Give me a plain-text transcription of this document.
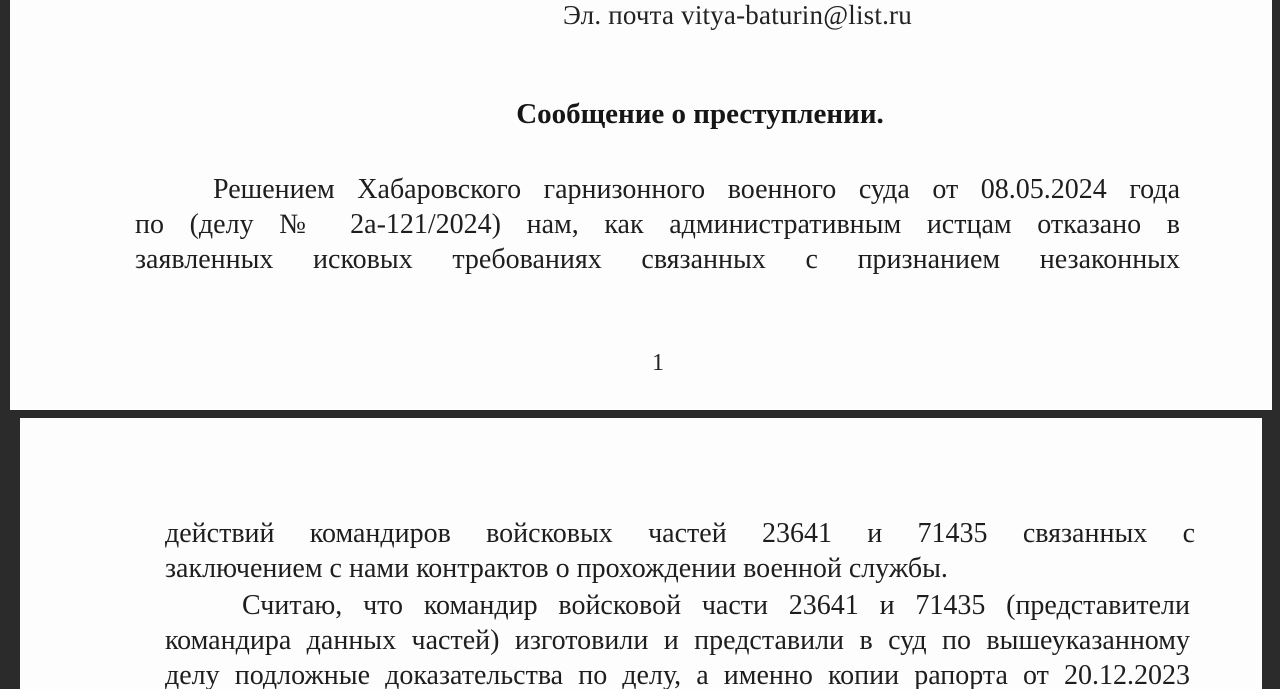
Эл. почта vitya-baturin@list.ru
Сообщение о преступлении.
Решением Хабаровского гарнизонного военного суда от 08.05.2024 года
по (делу № 2а-121/2024) нам, как административным истцам отказано в
заявленных исковых требованиях связанных с признанием незаконных
1
действий командиров войсковых частей 23641 и 71435 связанных с
заключением с нами контрактов о прохождении военной службы.
Считаю, что командир войсковой части 23641 и 71435 (представители
командира данных частей) изготовили и представили в суд по вышеуказанному
делу подложные доказательства по делу, а именно копии рапорта от 20.12.2023
